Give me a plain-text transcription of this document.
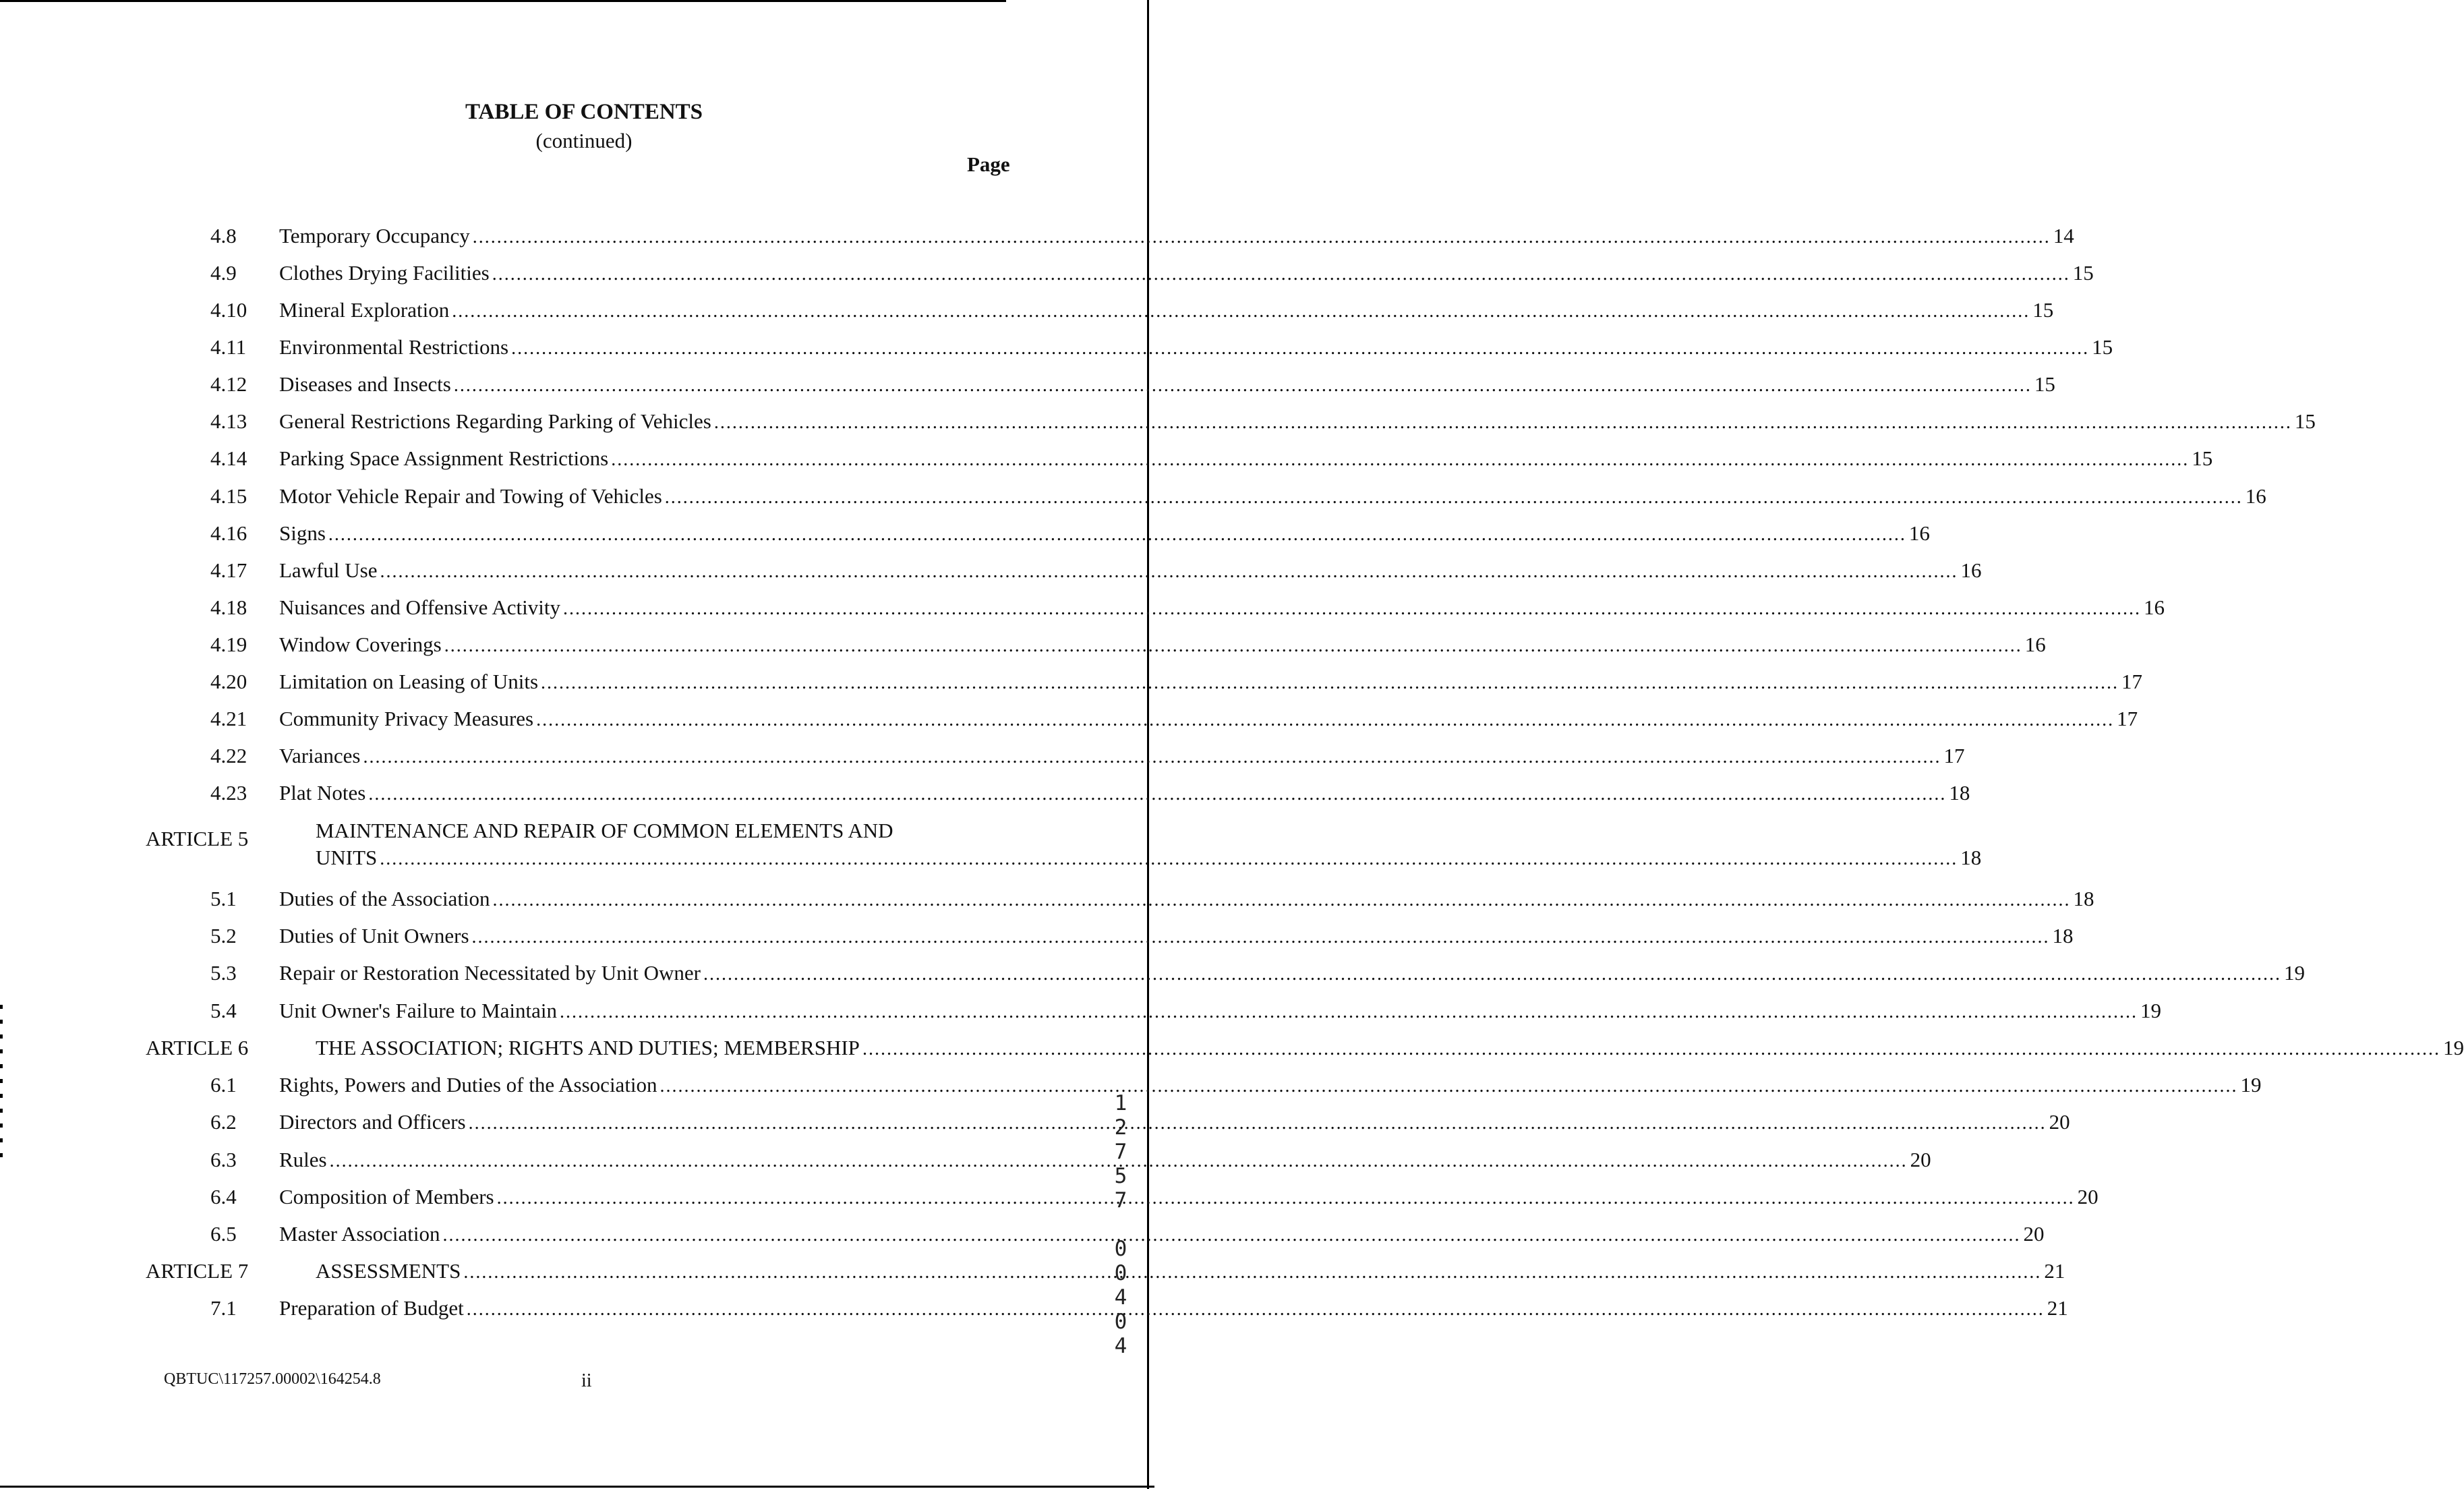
TABLE OF CONTENTS
(continued)
Page
4.8 Temporary Occupancy .................................................................................................................................................................................................................................................................... 14
4.9 Clothes Drying Facilities .................................................................................................................................................................................................................................................................... 15
4.10 Mineral Exploration .................................................................................................................................................................................................................................................................... 15
4.11 Environmental Restrictions .................................................................................................................................................................................................................................................................... 15
4.12 Diseases and Insects .................................................................................................................................................................................................................................................................... 15
4.13 General Restrictions Regarding Parking of Vehicles .................................................................................................................................................................................................................................................................... 15
4.14 Parking Space Assignment Restrictions .................................................................................................................................................................................................................................................................... 15
4.15 Motor Vehicle Repair and Towing of Vehicles .................................................................................................................................................................................................................................................................... 16
4.16 Signs .................................................................................................................................................................................................................................................................... 16
4.17 Lawful Use .................................................................................................................................................................................................................................................................... 16
4.18 Nuisances and Offensive Activity .................................................................................................................................................................................................................................................................... 16
4.19 Window Coverings .................................................................................................................................................................................................................................................................... 16
4.20 Limitation on Leasing of Units .................................................................................................................................................................................................................................................................... 17
4.21 Community Privacy Measures .................................................................................................................................................................................................................................................................... 17
4.22 Variances .................................................................................................................................................................................................................................................................... 17
4.23 Plat Notes .................................................................................................................................................................................................................................................................... 18
ARTICLE 5	MAINTENANCE AND REPAIR OF COMMON ELEMENTS AND
UNITS .................................................................................................................................................................................................................................................................... 18
5.1 Duties of the Association .................................................................................................................................................................................................................................................................... 18
5.2 Duties of Unit Owners .................................................................................................................................................................................................................................................................... 18
5.3 Repair or Restoration Necessitated by Unit Owner .................................................................................................................................................................................................................................................................... 19
5.4 Unit Owner's Failure to Maintain .................................................................................................................................................................................................................................................................... 19
ARTICLE 6	THE ASSOCIATION; RIGHTS AND DUTIES; MEMBERSHIP .................................................................................................................................................................................................................................................................... 19
6.1 Rights, Powers and Duties of the Association .................................................................................................................................................................................................................................................................... 19
6.2 Directors and Officers .................................................................................................................................................................................................................................................................... 20
6.3 Rules .................................................................................................................................................................................................................................................................... 20
6.4 Composition of Members .................................................................................................................................................................................................................................................................... 20
6.5 Master Association .................................................................................................................................................................................................................................................................... 20
ARTICLE 7	ASSESSMENTS .................................................................................................................................................................................................................................................................... 21
7.1 Preparation of Budget .................................................................................................................................................................................................................................................................... 21
QBTUC\117257.00002\164254.8	ii
12757 00404
